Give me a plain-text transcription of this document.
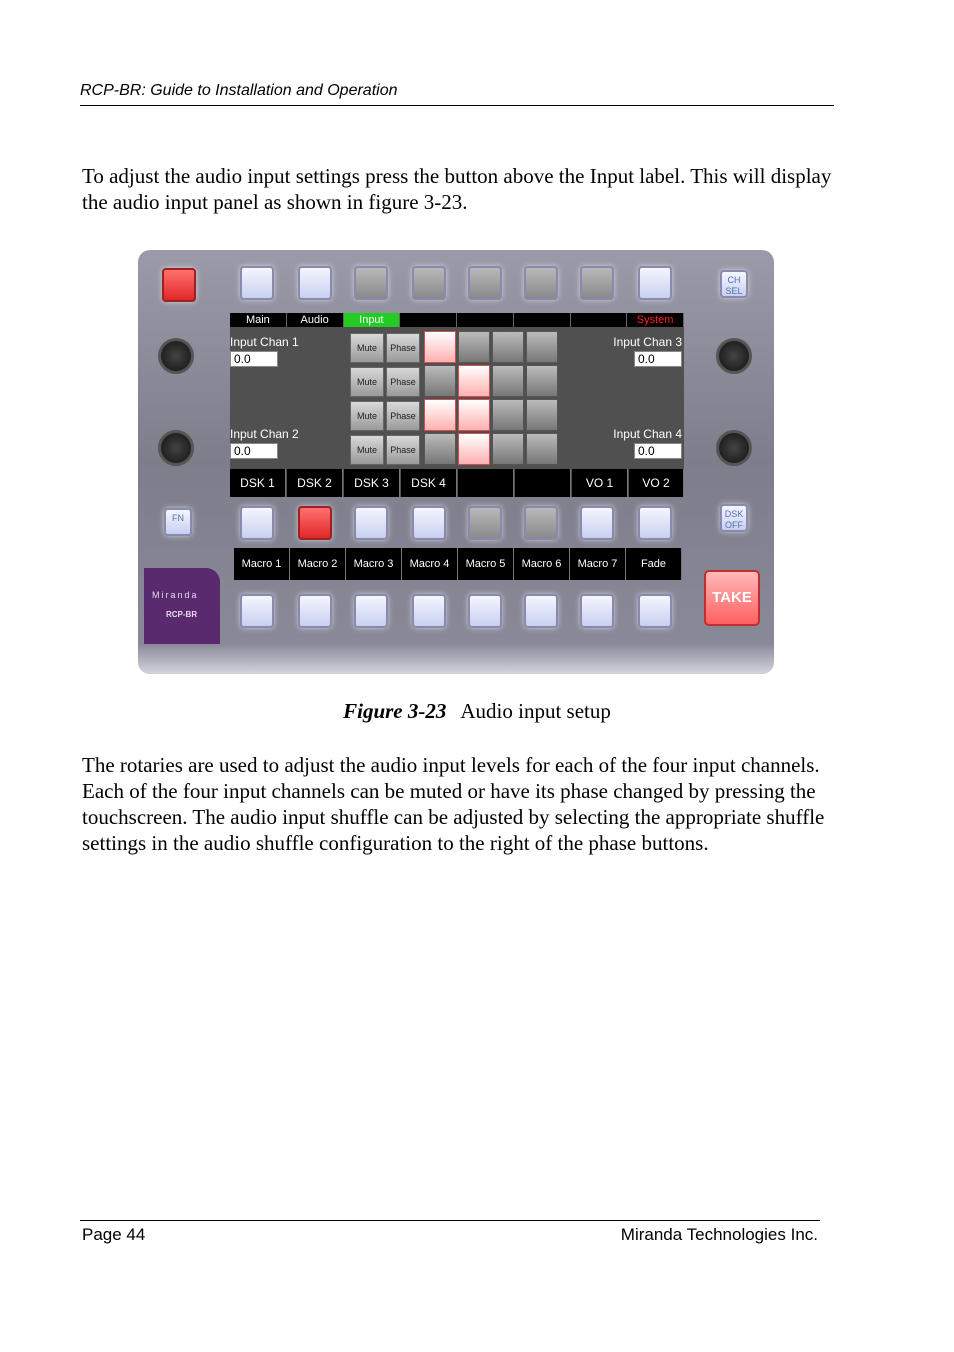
RCP-BR: Guide to Installation and Operation

To adjust the audio input settings press the button above the Input label. This will display the audio input panel as shown in figure 3-23.

CH SEL
Main	Audio	Input	System
Input Chan 1
0.0
Input Chan 2
0.0
Input Chan 3
0.0
Input Chan 4
0.0
Mute	Phase
Mute	Phase
Mute	Phase
Mute	Phase
DSK 1	DSK 2	DSK 3	DSK 4	VO 1	VO 2
FN	DSK OFF
Macro 1	Macro 2	Macro 3	Macro 4	Macro 5	Macro 6	Macro 7	Fade
TAKE
Miranda
RCP-BR
Figure 3-23 Audio input setup

The rotaries are used to adjust the audio input levels for each of the four input channels. Each of the four input channels can be muted or have its phase changed by pressing the touchscreen. The audio input shuffle can be adjusted by selecting the appropriate shuffle settings in the audio shuffle configuration to the right of the phase buttons.

Page 44	Miranda Technologies Inc.
